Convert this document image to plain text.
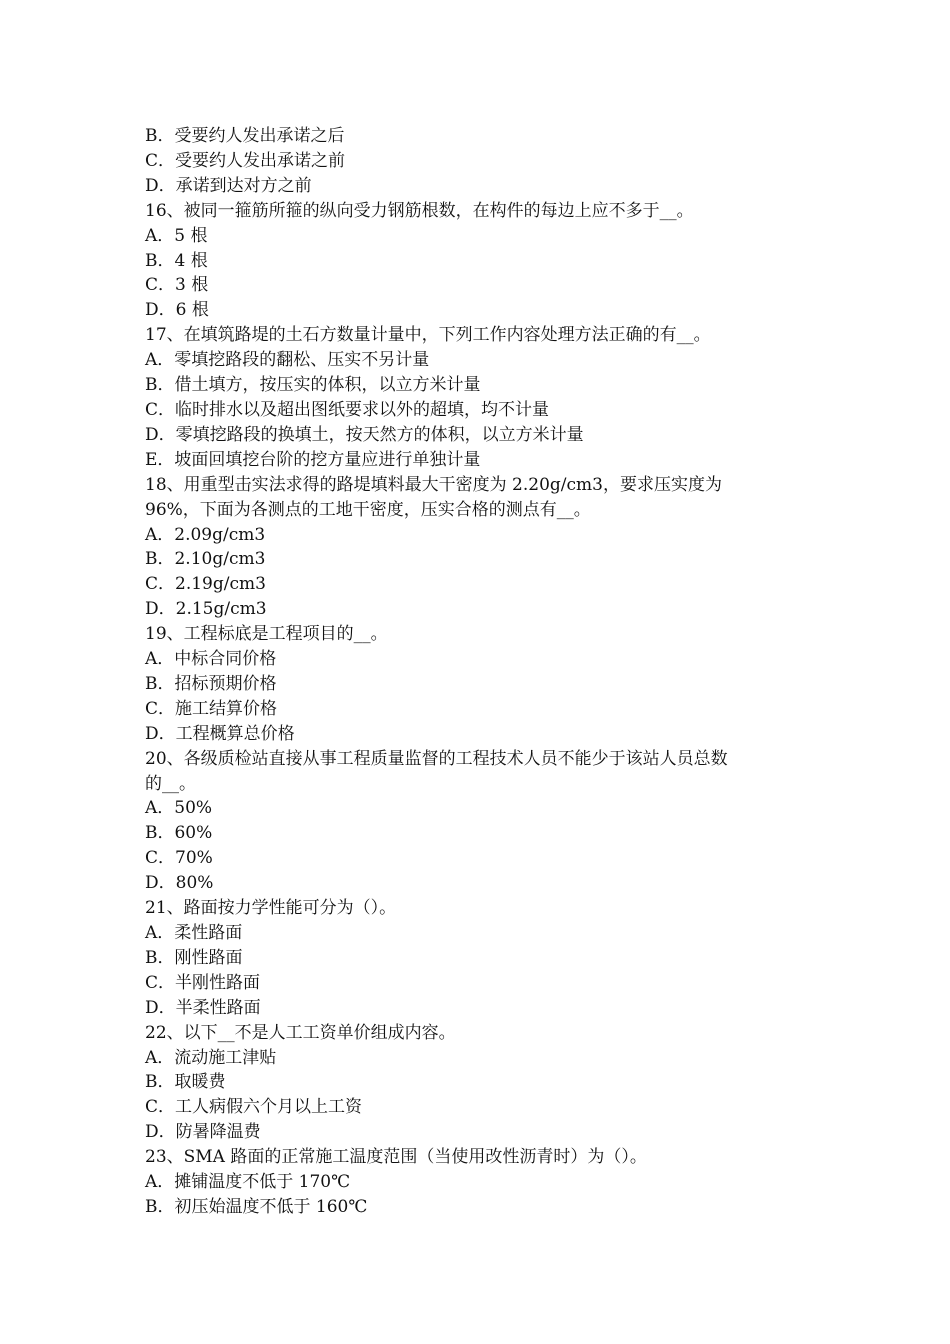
B．受要约人发出承诺之后

C．受要约人发出承诺之前

D．承诺到达对方之前

16、被同一箍筋所箍的纵向受力钢筋根数，在构件的每边上应不多于__。

A．5 根

B．4 根

C．3 根

D．6 根

17、在填筑路堤的土石方数量计量中，下列工作内容处理方法正确的有__。

A．零填挖路段的翻松、压实不另计量

B．借土填方，按压实的体积，以立方米计量

C．临时排水以及超出图纸要求以外的超填，均不计量

D．零填挖路段的换填土，按天然方的体积，以立方米计量

E．坡面回填挖台阶的挖方量应进行单独计量

18、用重型击实法求得的路堤填料最大干密度为 2.20g/cm3，要求压实度为

96%，下面为各测点的工地干密度，压实合格的测点有__。

A．2.09g/cm3

B．2.10g/cm3

C．2.19g/cm3

D．2.15g/cm3

19、工程标底是工程项目的__。

A．中标合同价格

B．招标预期价格

C．施工结算价格

D．工程概算总价格

20、各级质检站直接从事工程质量监督的工程技术人员不能少于该站人员总数

的__。

A．50%

B．60%

C．70%

D．80%

21、路面按力学性能可分为（）。

A．柔性路面

B．刚性路面

C．半刚性路面

D．半柔性路面

22、以下__不是人工工资单价组成内容。

A．流动施工津贴

B．取暖费

C．工人病假六个月以上工资

D．防暑降温费

23、SMA 路面的正常施工温度范围（当使用改性沥青时）为（）。

A．摊铺温度不低于 170℃

B．初压始温度不低于 160℃
